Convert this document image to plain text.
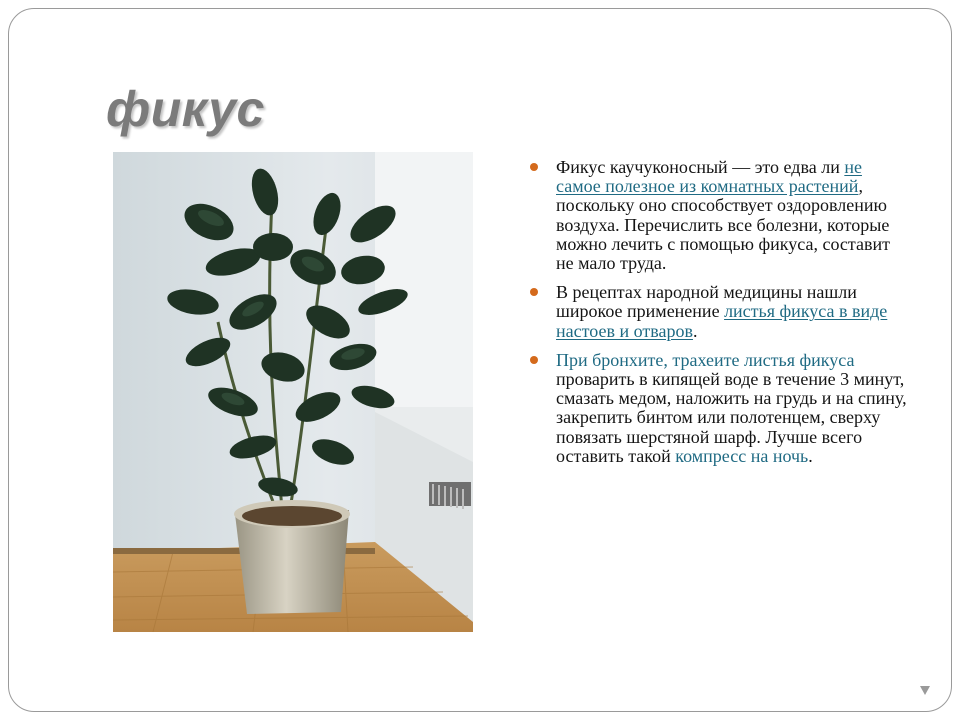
фикус
Фикус каучуконосный — это едва ли не самое полезное из комнатных растений, поскольку оно способствует оздоровлению воздуха. Перечислить все болезни, которые можно лечить с помощью фикуса, составит не мало труда.
В рецептах народной медицины нашли широкое применение листья фикуса в виде настоев и отваров.
При бронхите, трахеите листья фикуса проварить в кипящей воде в течение 3 минут, смазать медом, наложить на грудь и на спину, закрепить бинтом или полотенцем, сверху повязать шерстяной шарф. Лучше всего оставить такой компресс на ночь.
